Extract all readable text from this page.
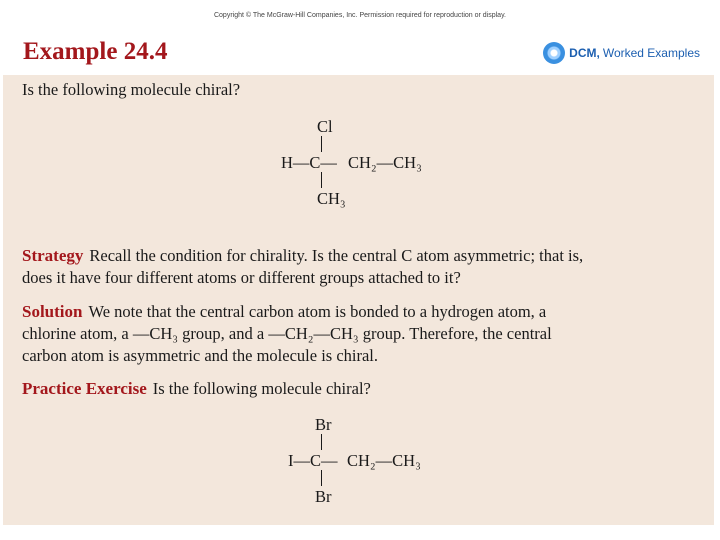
Copyright © The McGraw-Hill Companies, Inc. Permission required for reproduction or display.
Example 24.4	DCM, Worked Examples
Is the following molecule chiral?
Cl
H—C— CH₂—CH₃
CH₃
Strategy Recall the condition for chirality. Is the central C atom asymmetric; that is,
does it have four different atoms or different groups attached to it?
Solution We note that the central carbon atom is bonded to a hydrogen atom, a
chlorine atom, a —CH₃ group, and a —CH₂—CH₃ group. Therefore, the central
carbon atom is asymmetric and the molecule is chiral.
Practice Exercise Is the following molecule chiral?
Br
I—C— CH₂—CH₃
Br
